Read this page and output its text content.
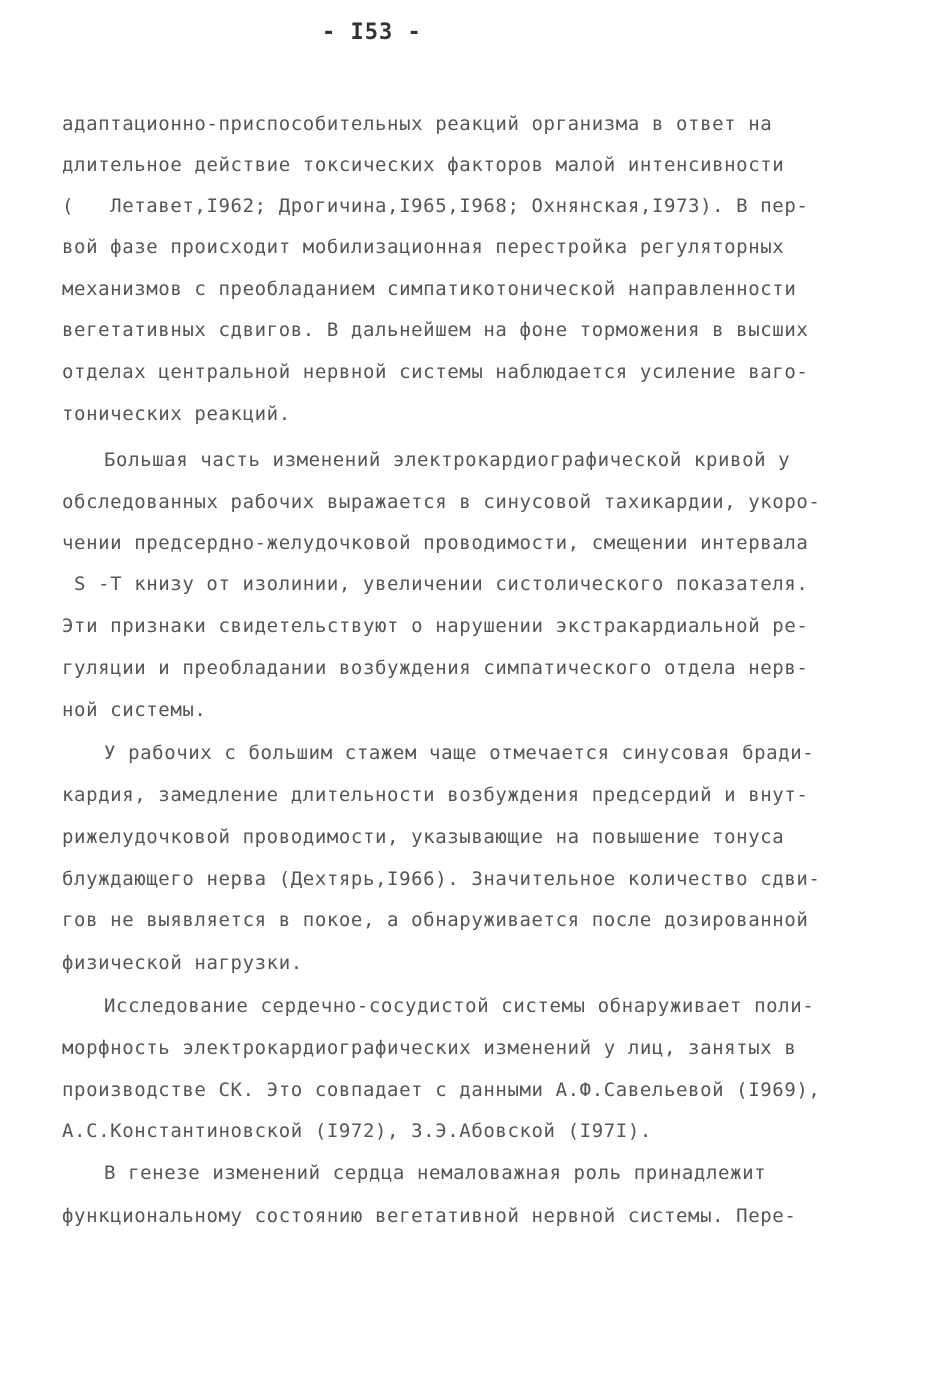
- I53 -
адаптационно-приспособительных реакций организма в ответ на
длительное действие токсических факторов малой интенсивности
(   Летавет,I962; Дрогичина,I965,I968; Охнянская,I973). В пер-
вой фазе происходит мобилизационная перестройка регуляторных
механизмов с преобладанием симпатикотонической направленности
вегетативных сдвигов. В дальнейшем на фоне торможения в высших
отделах центральной нервной системы наблюдается усиление ваго-
тонических реакций.
Большая часть изменений электрокардиографической кривой у
обследованных рабочих выражается в синусовой тахикардии, укоро-
чении предсердно-желудочковой проводимости, смещении интервала
S -T книзу от изолинии, увеличении систолического показателя.
Эти признаки свидетельствуют о нарушении экстракардиальной ре-
гуляции и преобладании возбуждения симпатического отдела нерв-
ной системы.
У рабочих с большим стажем чаще отмечается синусовая бради-
кардия, замедление длительности возбуждения предсердий и внут-
рижелудочковой проводимости, указывающие на повышение тонуса
блуждающего нерва (Дехтярь,I966). Значительное количество сдви-
гов не выявляется в покое, а обнаруживается после дозированной
физической нагрузки.
Исследование сердечно-сосудистой системы обнаруживает поли-
морфность электрокардиографических изменений у лиц, занятых в
производстве СК. Это совпадает с данными А.Ф.Савельевой (I969),
А.С.Константиновской (I972), З.Э.Абовской (I97I).
В генезе изменений сердца немаловажная роль принадлежит
функциональному состоянию вегетативной нервной системы. Пере-
